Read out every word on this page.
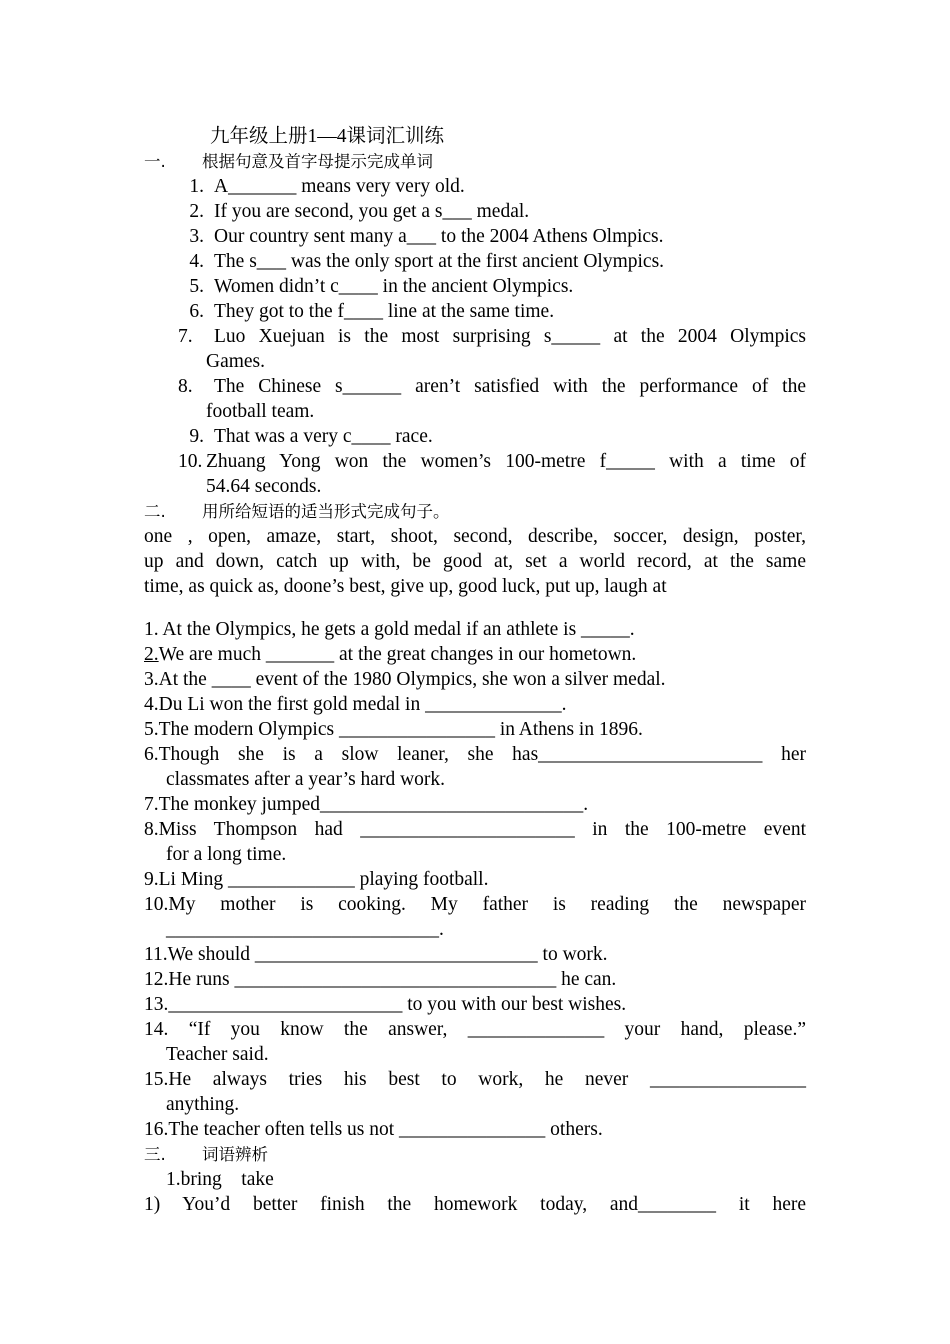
九年级上册1—4课词汇训练
一. 根据句意及首字母提示完成单词
1. A_______ means very very old.
2. If you are second, you get a s___ medal.
3. Our country sent many a___ to the 2004 Athens Olmpics.
4. The s___ was the only sport at the first ancient Olympics.
5. Women didn’t c____ in the ancient Olympics.
6. They got to the f____ line at the same time.
7. Luo Xuejuan is the most surprising s_____ at the 2004 Olympics
Games.
8. The Chinese s______ aren’t satisfied with the performance of the
football team.
9. That was a very c____ race.
10. Zhuang Yong won the women’s 100-metre f_____ with a time of
54.64 seconds.
二. 用所给短语的适当形式完成句子。
one , open, amaze, start, shoot, second, describe, soccer, design, poster,
up and down, catch up with, be good at, set a world record, at the same
time, as quick as, doone’s best, give up, good luck, put up, laugh at
1. At the Olympics, he gets a gold medal if an athlete is _____.
2.We are much _______ at the great changes in our hometown.
3.At the ____ event of the 1980 Olympics, she won a silver medal.
4.Du Li won the first gold medal in ______________.
5.The modern Olympics ________________ in Athens in 1896.
6.Though she is a slow leaner, she has_______________________ her
classmates after a year’s hard work.
7.The monkey jumped___________________________.
8.Miss Thompson had ______________________ in the 100-metre event
for a long time.
9.Li Ming _____________ playing football.
10.My mother is cooking. My father is reading the newspaper
____________________________.
11.We should _____________________________ to work.
12.He runs _________________________________ he can.
13.________________________ to you with our best wishes.
14. “If you know the answer, ______________ your hand, please.”
Teacher said.
15.He always tries his best to work, he never ________________
anything.
16.The teacher often tells us not _______________ others.
三. 词语辨析
1.bring    take
1) You’d better finish the homework today, and________ it here
